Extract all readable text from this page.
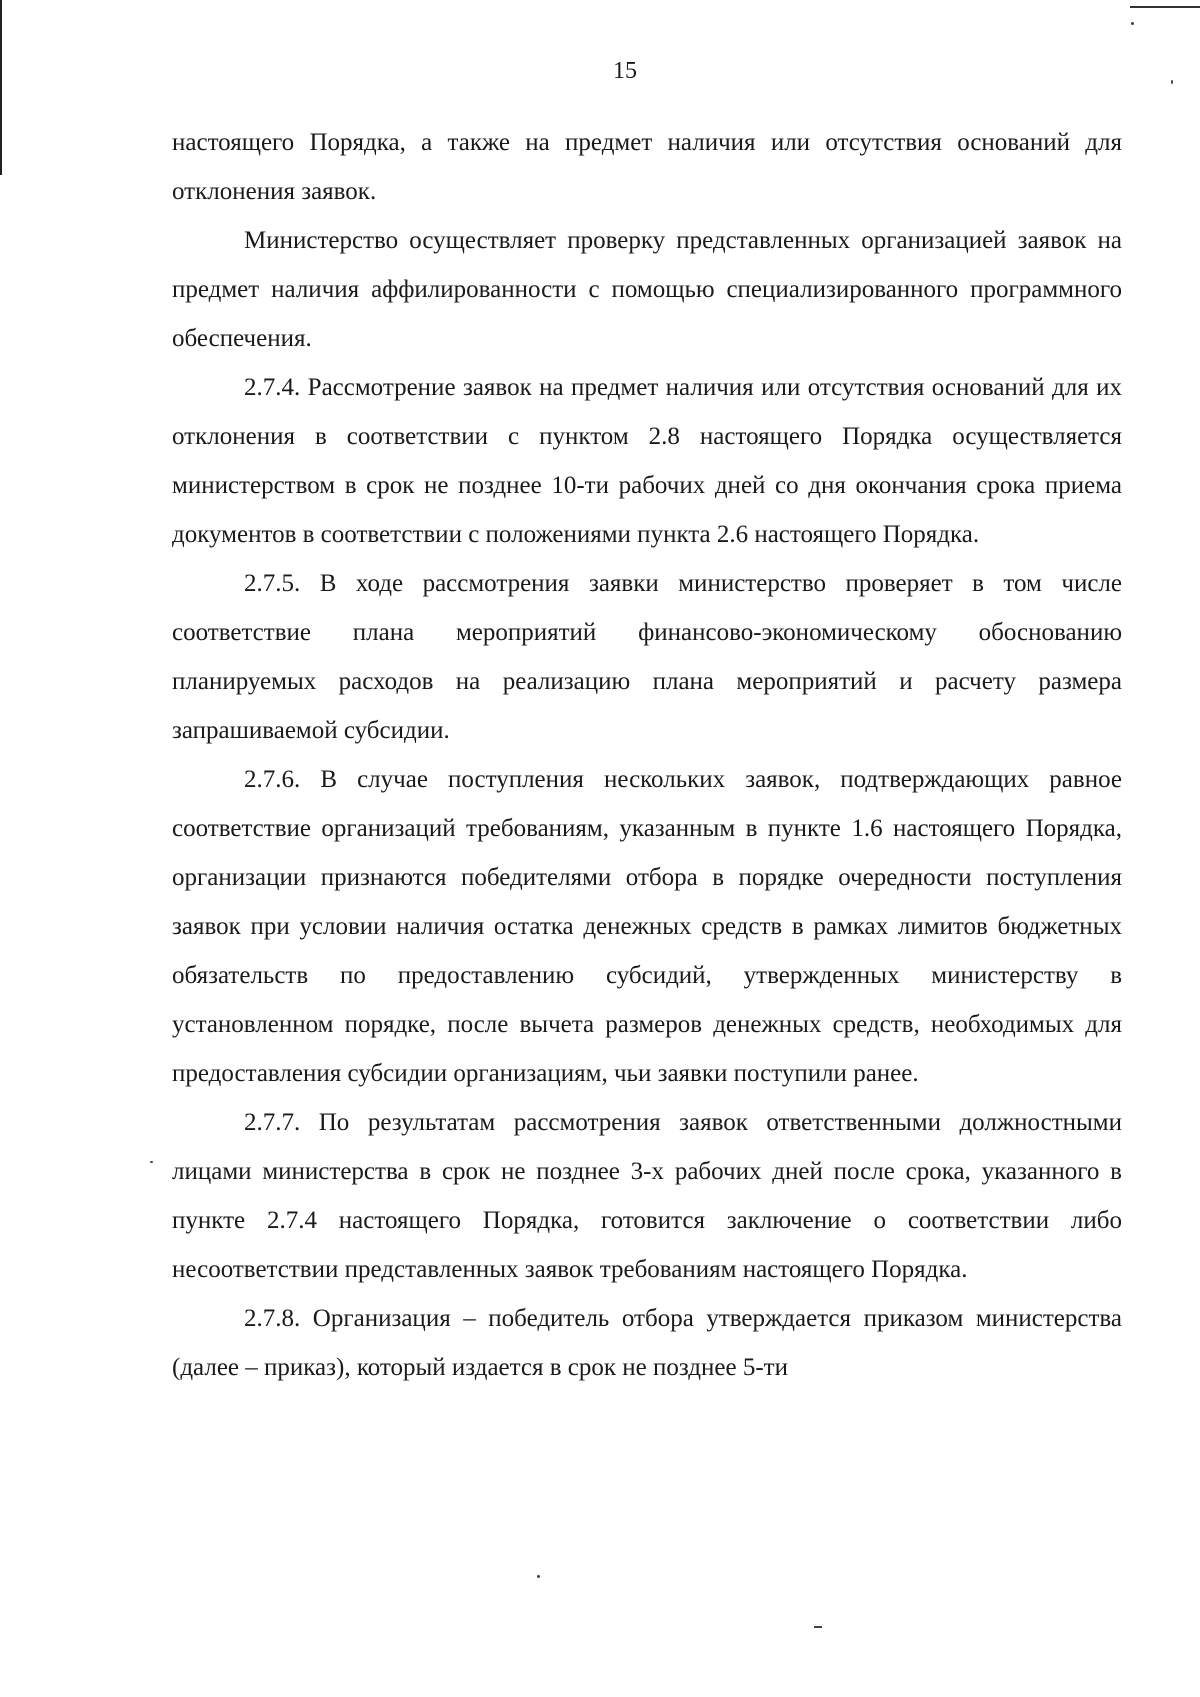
15

настоящего Порядка, а также на предмет наличия или отсутствия оснований для отклонения заявок.

Министерство осуществляет проверку представленных организацией заявок на предмет наличия аффилированности с помощью специализированного программного обеспечения.

2.7.4. Рассмотрение заявок на предмет наличия или отсутствия оснований для их отклонения в соответствии с пунктом 2.8 настоящего Порядка осуществляется министерством в срок не позднее 10-ти рабочих дней со дня окончания срока приема документов в соответствии с положениями пункта 2.6 настоящего Порядка.

2.7.5. В ходе рассмотрения заявки министерство проверяет в том числе соответствие плана мероприятий финансово-экономическому обоснованию планируемых расходов на реализацию плана мероприятий и расчету размера запрашиваемой субсидии.

2.7.6. В случае поступления нескольких заявок, подтверждающих равное соответствие организаций требованиям, указанным в пункте 1.6 настоящего Порядка, организации признаются победителями отбора в порядке очередности поступления заявок при условии наличия остатка денежных средств в рамках лимитов бюджетных обязательств по предоставлению субсидий, утвержденных министерству в установленном порядке, после вычета размеров денежных средств, необходимых для предоставления субсидии организациям, чьи заявки поступили ранее.

2.7.7. По результатам рассмотрения заявок ответственными должностными лицами министерства в срок не позднее 3-х рабочих дней после срока, указанного в пункте 2.7.4 настоящего Порядка, готовится заключение о соответствии либо несоответствии представленных заявок требованиям настоящего Порядка.

2.7.8. Организация – победитель отбора утверждается приказом министерства (далее – приказ), который издается в срок не позднее 5-ти
